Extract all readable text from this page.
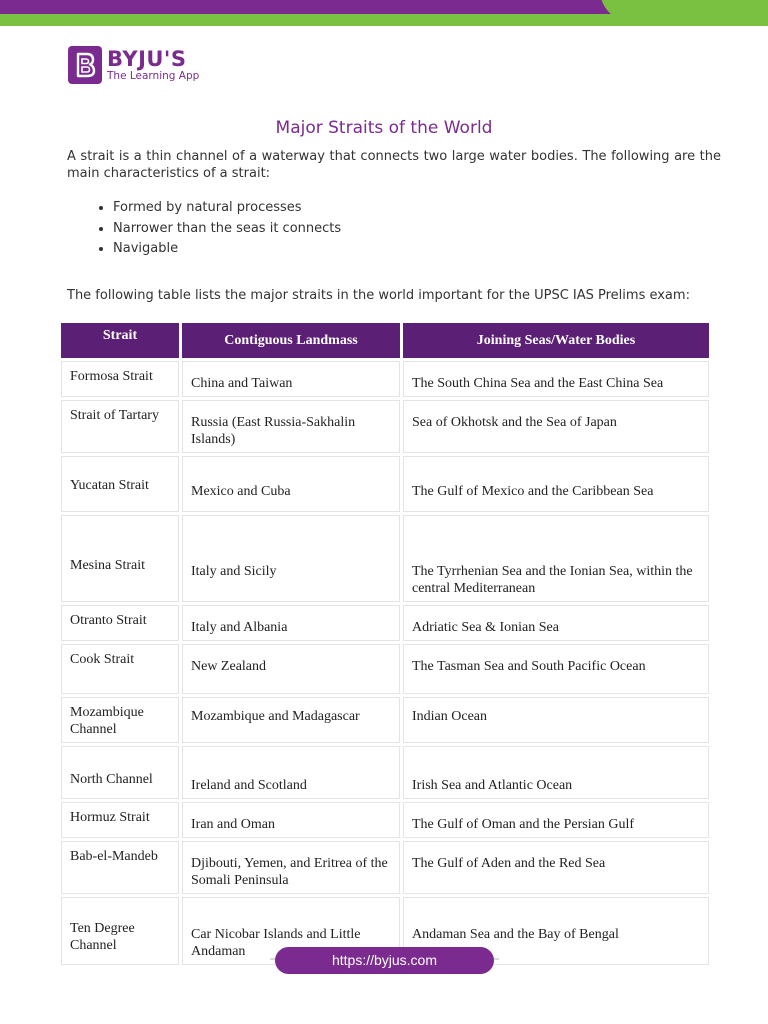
BYJU'S
The Learning App
Major Straits of the World

A strait is a thin channel of a waterway that connects two large water bodies. The following are the main characteristics of a strait:

• Formed by natural processes
• Narrower than the seas it connects
• Navigable

The following table lists the major straits in the world important for the UPSC IAS Prelims exam:

Strait	Contiguous Landmass	Joining Seas/Water Bodies
Formosa Strait	China and Taiwan	The South China Sea and the East China Sea
Strait of Tartary	Russia (East Russia-Sakhalin Islands)	Sea of Okhotsk and the Sea of Japan
Yucatan Strait	Mexico and Cuba	The Gulf of Mexico and the Caribbean Sea
Mesina Strait	Italy and Sicily	The Tyrrhenian Sea and the Ionian Sea, within the central Mediterranean
Otranto Strait	Italy and Albania	Adriatic Sea & Ionian Sea
Cook Strait	New Zealand	The Tasman Sea and South Pacific Ocean
Mozambique Channel	Mozambique and Madagascar	Indian Ocean
North Channel	Ireland and Scotland	Irish Sea and Atlantic Ocean
Hormuz Strait	Iran and Oman	The Gulf of Oman and the Persian Gulf
Bab-el-Mandeb	Djibouti, Yemen, and Eritrea of the Somali Peninsula	The Gulf of Aden and the Red Sea
Ten Degree Channel	Car Nicobar Islands and Little Andaman	Andaman Sea and the Bay of Bengal
https://byjus.com
